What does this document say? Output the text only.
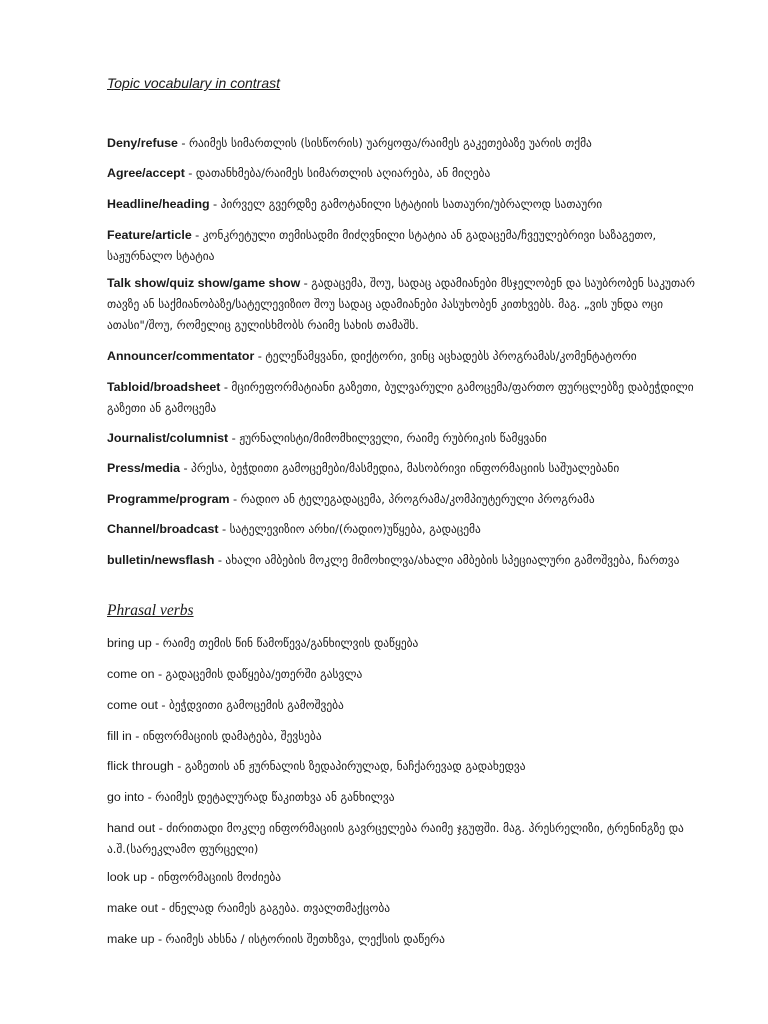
Topic vocabulary in contrast
Deny/refuse - რაიმეს სიმართლის (სისწორის) უარყოფა/რაიმეს გაკეთებაზე უარის თქმა
Agree/accept - დათანხმება/რაიმეს სიმართლის აღიარება, ან მიღება
Headline/heading - პირველ გვერდზე გამოტანილი სტატიის სათაური/უბრალოდ სათაური
Feature/article - კონკრეტული თემისადმი მიძღვნილი სტატია ან გადაცემა/ჩვეულებრივი საზაგეთო, საჟურნალო სტატია
Talk show/quiz show/game show - გადაცემა, შოუ, სადაც ადამიანები მსჯელობენ და საუბრობენ საკუთარ თავზე ან საქმიანობაზე/სატელევიზიო შოუ სადაც ადამიანები პასუხობენ კითხვებს. მაგ. „ვის უნდა ოცი ათასი"/შოუ, რომელიც გულისხმობს რაიმე სახის თამაშს.
Announcer/commentator - ტელეწამყვანი, დიქტორი, ვინც აცხადებს პროგრამას/კომენტატორი
Tabloid/broadsheet - მცირეფორმატიანი გაზეთი, ბულვარული გამოცემა/ფართო ფურცლებზე დაბეჭდილი გაზეთი ან გამოცემა
Journalist/columnist - ჟურნალისტი/მიმომხილველი, რაიმე რუბრიკის წამყვანი
Press/media - პრესა, ბეჭდითი გამოცემები/მასმედია, მასობრივი ინფორმაციის საშუალებანი
Programme/program - რადიო ან ტელეგადაცემა, პროგრამა/კომპიუტერული პროგრამა
Channel/broadcast - სატელევიზიო არხი/(რადიო)უწყება, გადაცემა
bulletin/newsflash - ახალი ამბების მოკლე მიმოხილვა/ახალი ამბების სპეციალური გამოშვება, ჩართვა
Phrasal verbs
bring up - რაიმე თემის წინ წამოწევა/განხილვის დაწყება
come on - გადაცემის დაწყება/ეთერში გასვლა
come out - ბეჭდვითი გამოცემის გამოშვება
fill in - ინფორმაციის დამატება, შევსება
flick through - გაზეთის ან ჟურნალის ზედაპირულად, ნაჩქარევად გადახედვა
go into - რაიმეს დეტალურად წაკითხვა ან განხილვა
hand out - ძირითადი მოკლე ინფორმაციის გავრცელება რაიმე ჯგუფში. მაგ. პრესრელიზი, ტრენინგზე და ა.შ.(სარეკლამო ფურცელი)
look up - ინფორმაციის მოძიება
make out - ძნელად რაიმეს გაგება. თვალთმაქცობა
make up - რაიმეს ახსნა / ისტორიის შეთხზვა, ლექსის დაწერა
